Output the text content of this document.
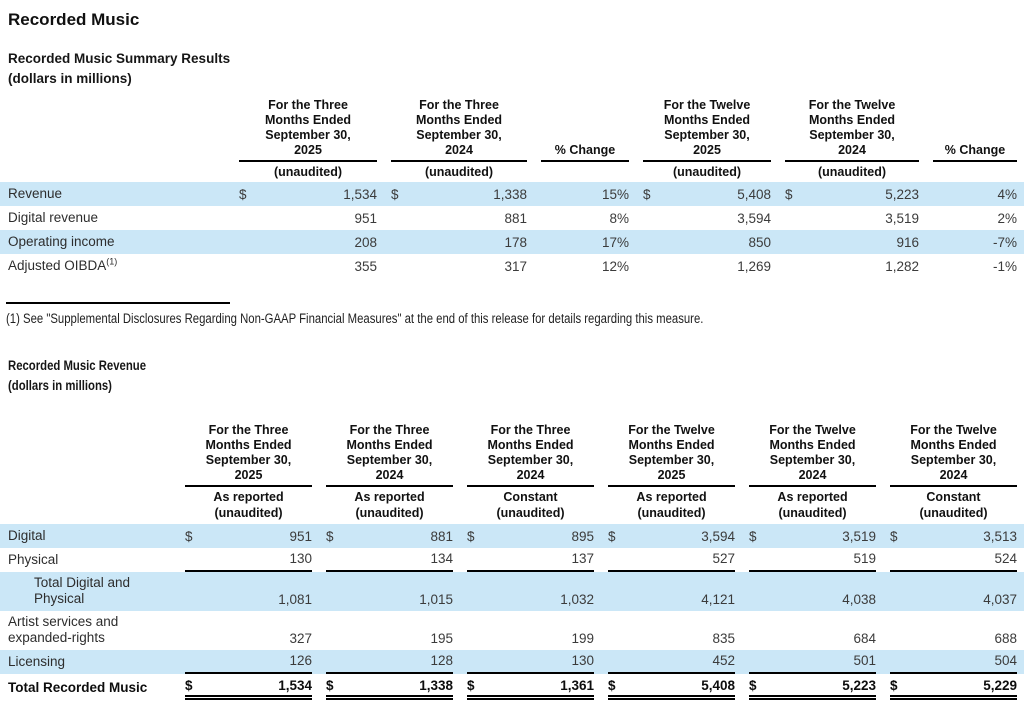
Recorded Music
Recorded Music Summary Results
(dollars in millions)
For the Three Months Ended September 30, 2025
(unaudited)
For the Three Months Ended September 30, 2024
(unaudited)
% Change
For the Twelve Months Ended September 30, 2025
(unaudited)
For the Twelve Months Ended September 30, 2024
(unaudited)
% Change
Revenue	$	1,534 $	1,338	15% $	5,408 $	5,223	4%
Digital revenue	951	881	8%	3,594	3,519	2%
Operating income	208	178	17%	850	916	-7%
Adjusted OIBDA$^{(1)}$	355	317	12%	1,269	1,282	-1%
(1) See "Supplemental Disclosures Regarding Non-GAAP Financial Measures" at the end of this release for details regarding this measure.
Recorded Music Revenue
(dollars in millions)
For the Three Months Ended September 30, 2025
As reported
(unaudited)
For the Three Months Ended September 30, 2024
As reported
(unaudited)
For the Three Months Ended September 30, 2024
Constant
(unaudited)
For the Twelve Months Ended September 30, 2025
As reported
(unaudited)
For the Twelve Months Ended September 30, 2024
As reported
(unaudited)
For the Twelve Months Ended September 30, 2024
Constant
(unaudited)
Digital	$	951 $	881 $	895 $	3,594 $	3,519 $	3,513
Physical	130	134	137	527	519	524
Total Digital and Physical	1,081	1,015	1,032	4,121	4,038	4,037
Artist services and expanded-rights	327	195	199	835	684	688
Licensing	126	128	130	452	501	504
Total Recorded Music	$	1,534 $	1,338 $	1,361 $	5,408 $	5,223 $	5,229
